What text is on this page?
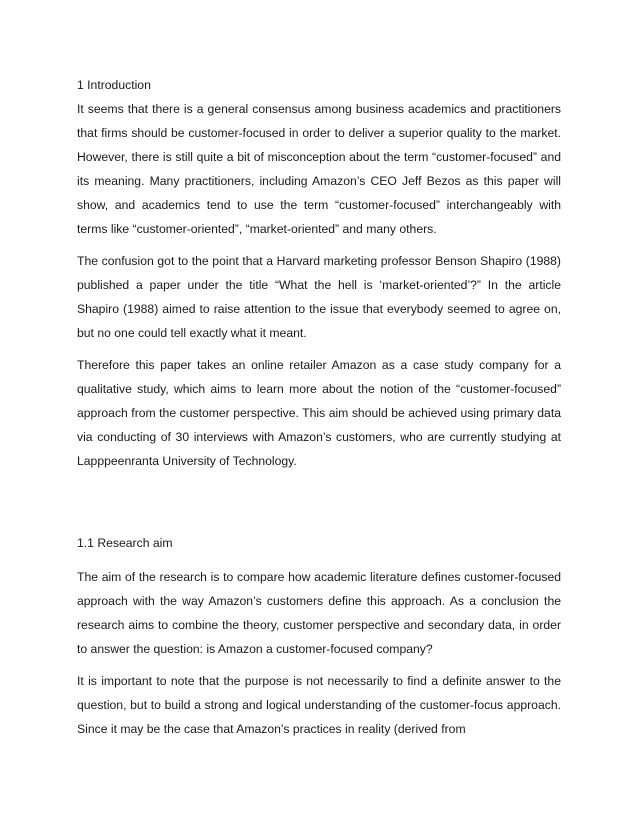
1 Introduction

It seems that there is a general consensus among business academics and practitioners that firms should be customer-focused in order to deliver a superior quality to the market. However, there is still quite a bit of misconception about the term “customer-focused” and its meaning. Many practitioners, including Amazon’s CEO Jeff Bezos as this paper will show, and academics tend to use the term “customer-focused” interchangeably with terms like “customer-oriented”, “market-oriented” and many others.

The confusion got to the point that a Harvard marketing professor Benson Shapiro (1988) published a paper under the title “What the hell is ‘market-oriented’?” In the article Shapiro (1988) aimed to raise attention to the issue that everybody seemed to agree on, but no one could tell exactly what it meant.

Therefore this paper takes an online retailer Amazon as a case study company for a qualitative study, which aims to learn more about the notion of the “customer-focused” approach from the customer perspective. This aim should be achieved using primary data via conducting of 30 interviews with Amazon’s customers, who are currently studying at Lapppeenranta University of Technology.

1.1 Research aim

The aim of the research is to compare how academic literature defines customer-focused approach with the way Amazon’s customers define this approach. As a conclusion the research aims to combine the theory, customer perspective and secondary data, in order to answer the question: is Amazon a customer-focused company?

It is important to note that the purpose is not necessarily to find a definite answer to the question, but to build a strong and logical understanding of the customer-focus approach. Since it may be the case that Amazon’s practices in reality (derived from
